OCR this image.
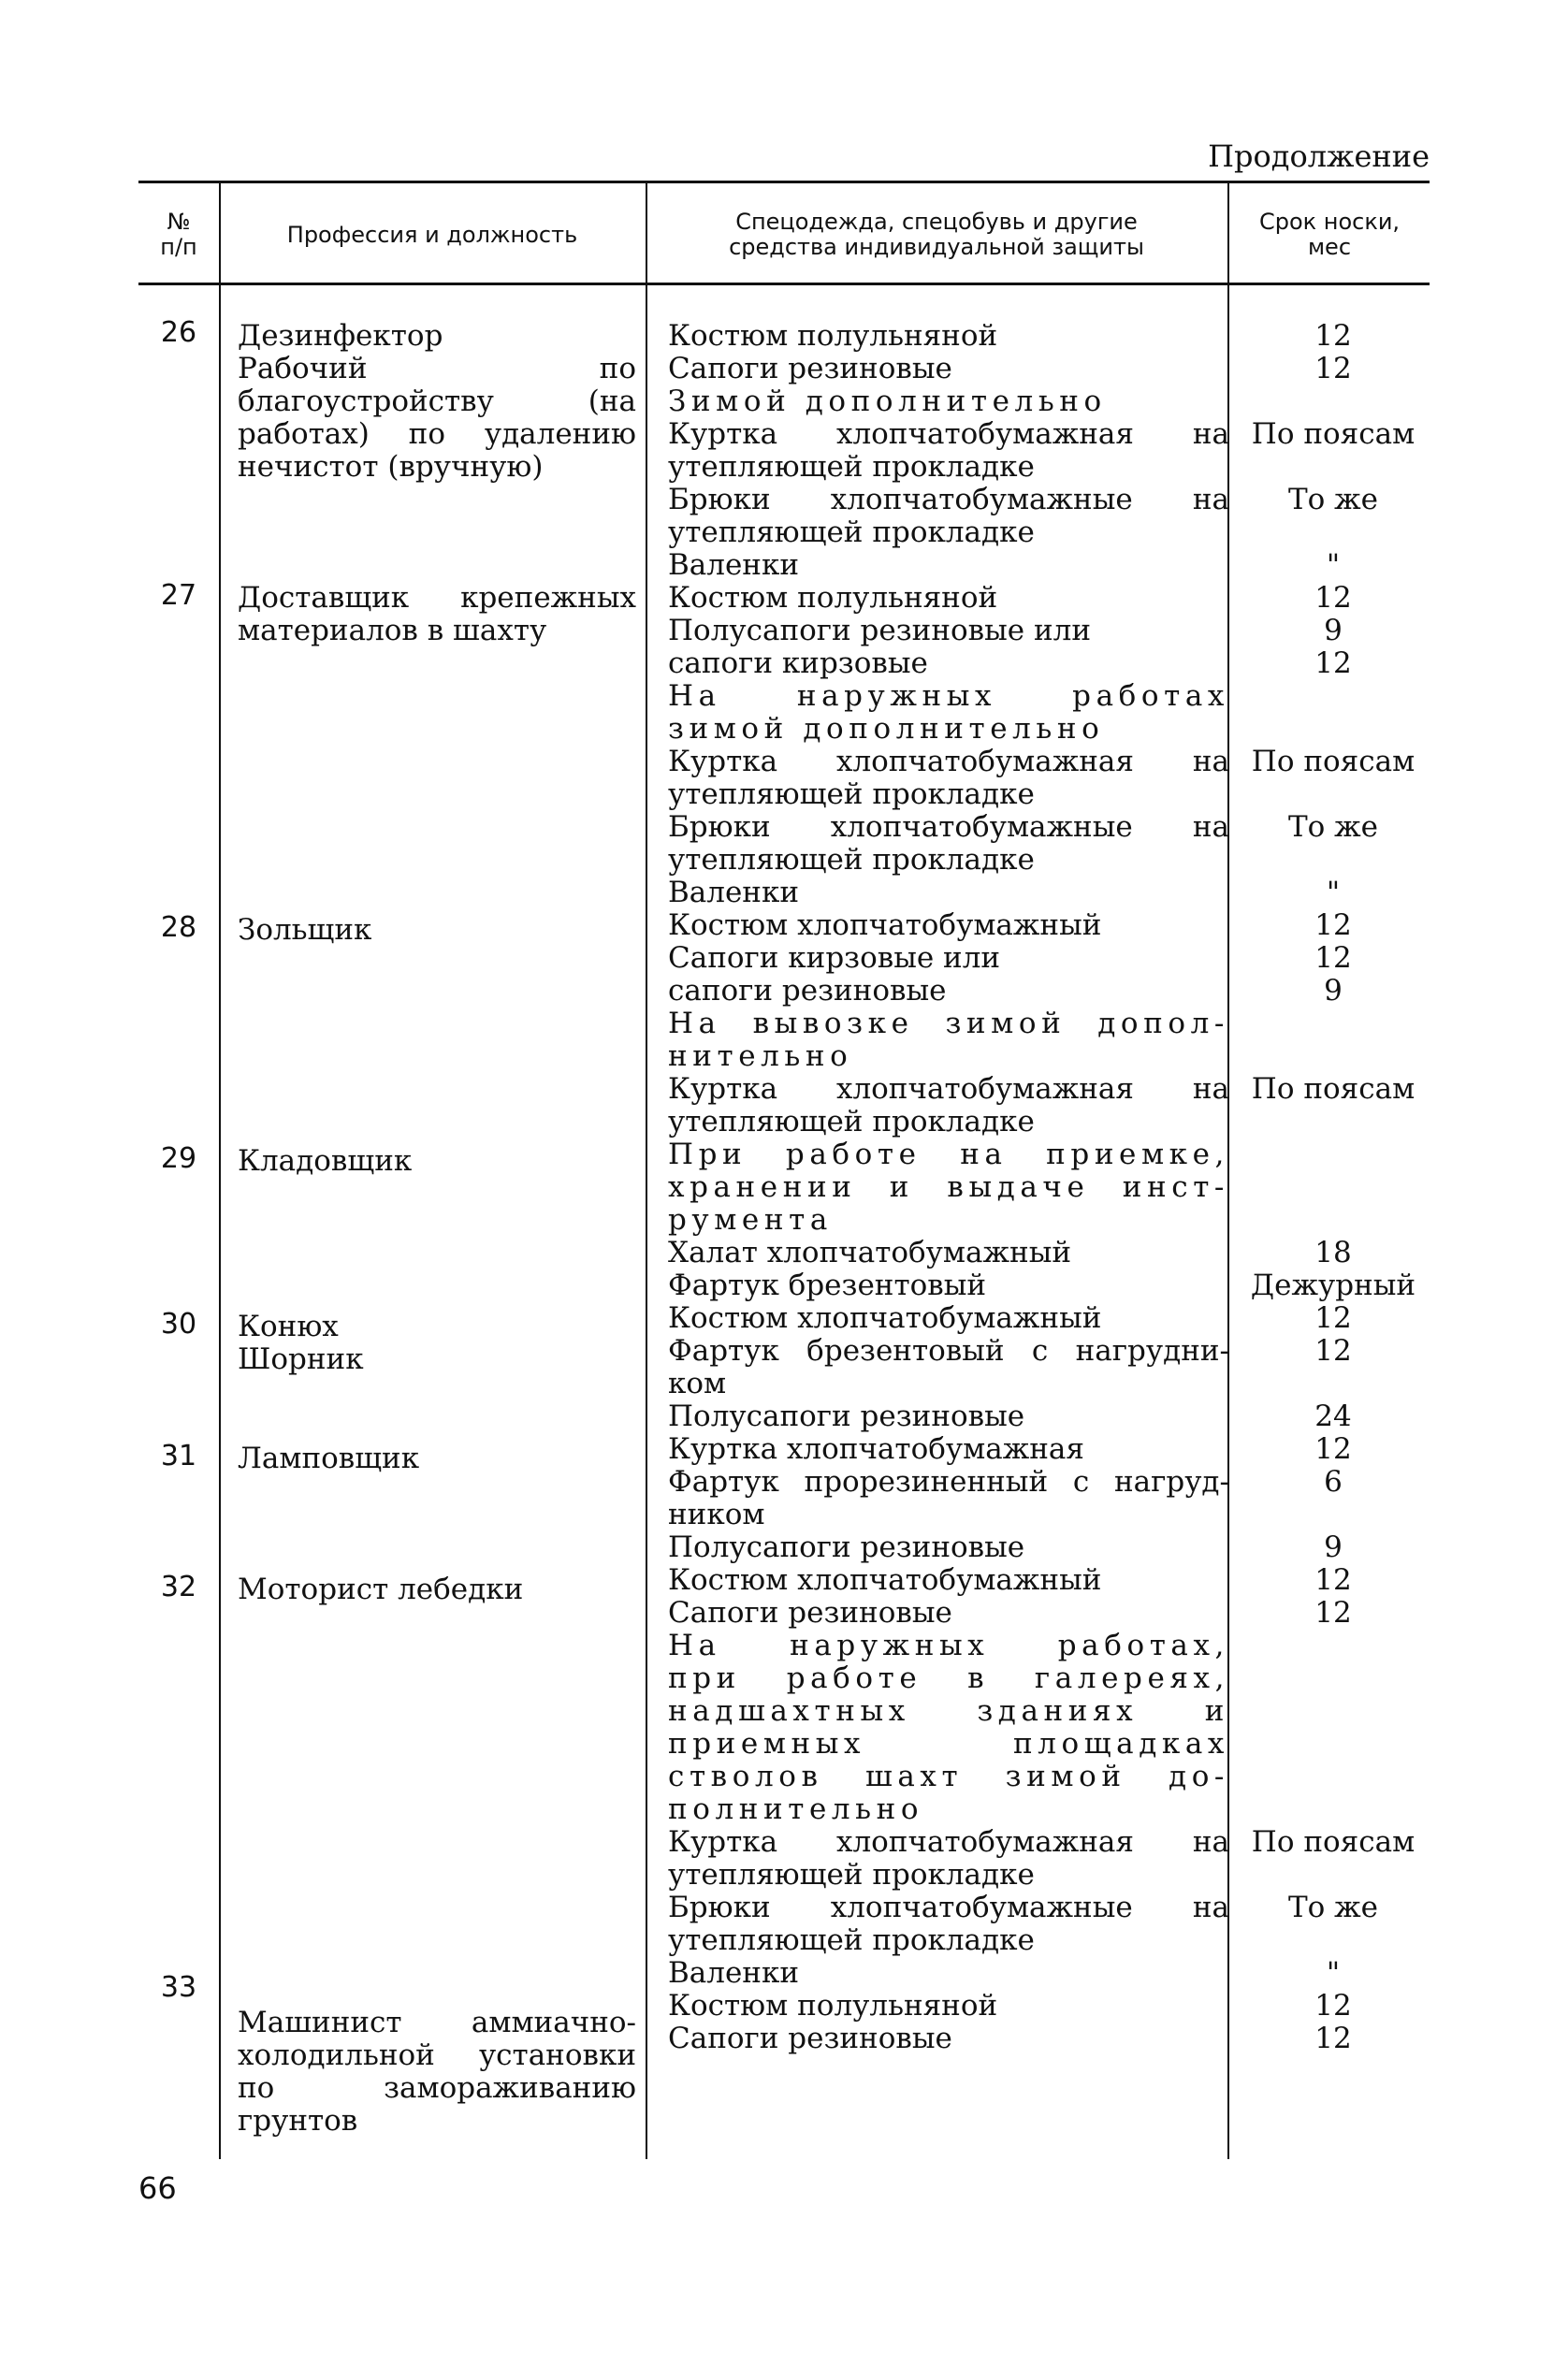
Продолжение
№
п/п	Профессия и должность	Спецодежда, спецобувь и другие
средства индивидуальной защиты
Срок носки,
мес
26
27
28
29
30
31
32
33
Дезинфектор
Рабочий по благоустройству (на работах) по удалению нечистот (вручную)
Доставщик крепежных материалов в шахту
Зольщик
Кладовщик
Конюх
Шорник
Ламповщик
Моторист лебедки
Машинист аммиачно-холодильной установки по замораживанию грунтов
Костюм полульняной
Сапоги резиновые
Зимой дополнительно
Куртка хлопчатобумажная на
утепляющей прокладке
Брюки хлопчатобумажные на
утепляющей прокладке
Валенки
Костюм полульняной
Полусапоги резиновые или
сапоги кирзовые
На наружных работах
зимой дополнительно
Куртка хлопчатобумажная на
утепляющей прокладке
Брюки хлопчатобумажные на
утепляющей прокладке
Валенки
Костюм хлопчатобумажный
Сапоги кирзовые или
сапоги резиновые
На вывозке зимой допол-
нительно
Куртка хлопчатобумажная на
утепляющей прокладке
При работе на приемке,
хранении и выдаче инст-
румента
Халат хлопчатобумажный
Фартук брезентовый
Костюм хлопчатобумажный
Фартук брезентовый с нагрудни-
ком
Полусапоги резиновые
Куртка хлопчатобумажная
Фартук прорезиненный с нагруд-
ником
Полусапоги резиновые
Костюм хлопчатобумажный
Сапоги резиновые
На наружных работах,
при работе в галереях,
надшахтных зданиях и
приемных площадках
стволов шахт зимой до-
полнительно
Куртка хлопчатобумажная на
утепляющей прокладке
Брюки хлопчатобумажные на
утепляющей прокладке
Валенки
Костюм полульняной
Сапоги резиновые
12
12
По поясам
То же
"
12
9
12
По поясам
То же
"
12
12
9
По поясам
18
Дежурный
12
12
24
12
6
9
12
12
По поясам
То же
"
12
12
66
